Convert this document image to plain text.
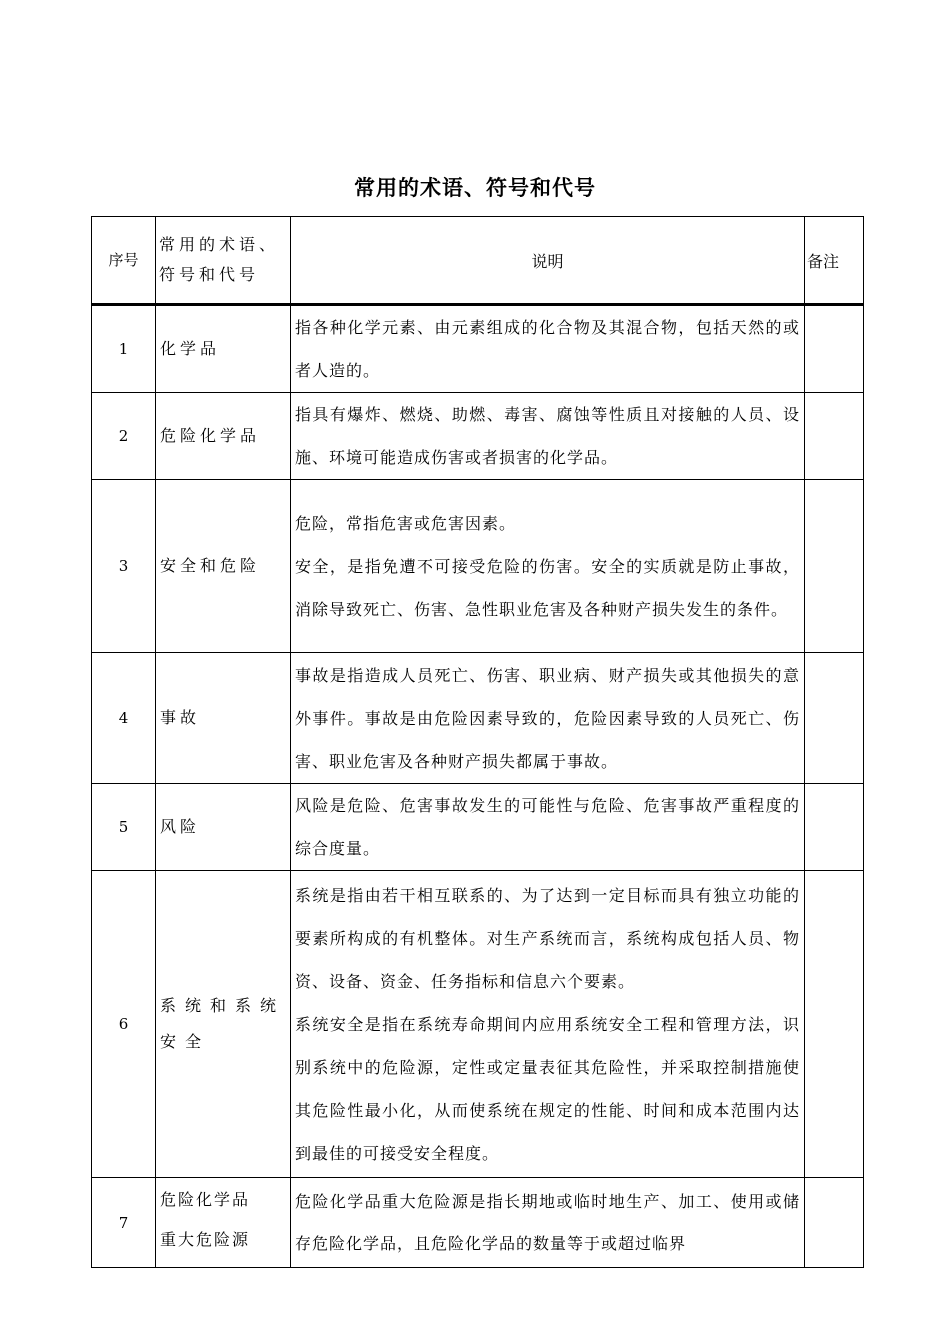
常用的术语、符号和代号
序号	常用的术语、符号和代号	说明	备注

1	化学品	指各种化学元素、由元素组成的化合物及其混合物，包括天然的或者人造的。	

2	危险化学品	指具有爆炸、燃烧、助燃、毒害、腐蚀等性质且对接触的人员、设施、环境可能造成伤害或者损害的化学品。	

3	安全和危险	危险，常指危害或危害因素。
安全，是指免遭不可接受危险的伤害。安全的实质就是防止事故，消除导致死亡、伤害、急性职业危害及各种财产损失发生的条件。	

4	事故	事故是指造成人员死亡、伤害、职业病、财产损失或其他损失的意外事件。事故是由危险因素导致的，危险因素导致的人员死亡、伤害、职业危害及各种财产损失都属于事故。	

5	风险	风险是危险、危害事故发生的可能性与危险、危害事故严重程度的综合度量。	

6	系统和系统安全	系统是指由若干相互联系的、为了达到一定目标而具有独立功能的要素所构成的有机整体。对生产系统而言，系统构成包括人员、物资、设备、资金、任务指标和信息六个要素。
系统安全是指在系统寿命期间内应用系统安全工程和管理方法，识别系统中的危险源，定性或定量表征其危险性，并采取控制措施使其危险性最小化，从而使系统在规定的性能、时间和成本范围内达到最佳的可接受安全程度。	

7	危险化学品
重大危险源	危险化学品重大危险源是指长期地或临时地生产、加工、使用或储存危险化学品，且危险化学品的数量等于或超过临界	
